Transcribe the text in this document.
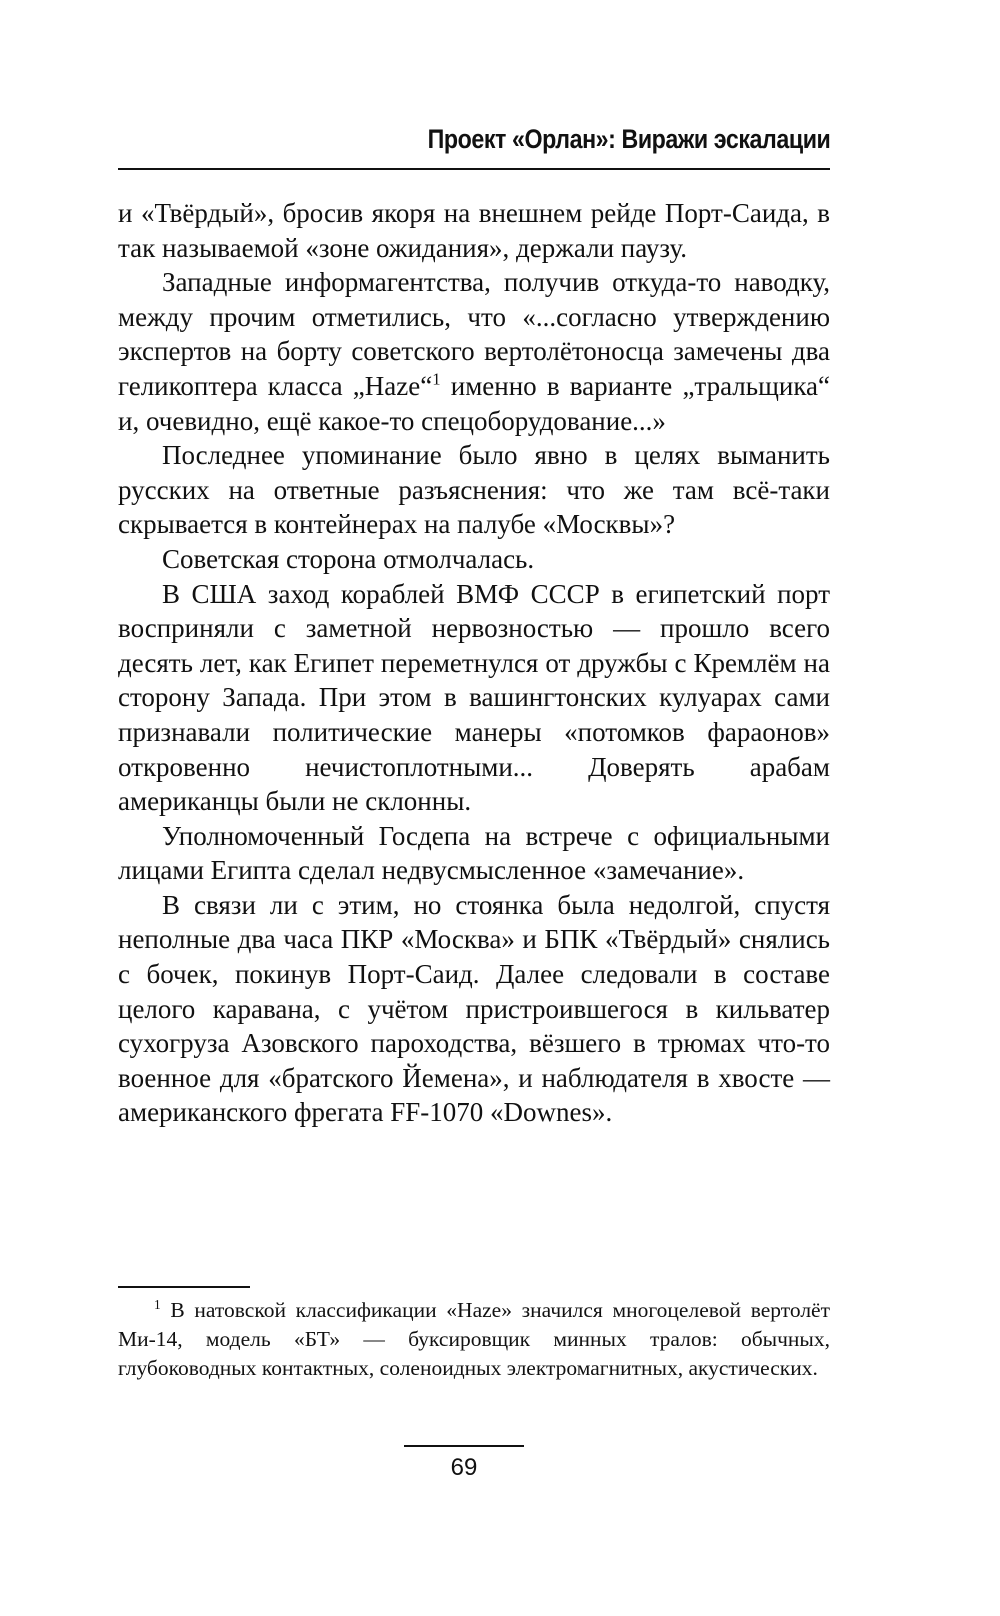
Проект «Орлан»: Виражи эскалации

и «Твёрдый», бросив якоря на внешнем рейде Порт-Саида, в так называемой «зоне ожидания», держали паузу.

Западные информагентства, получив откуда-то наводку, между прочим отметились, что «...согласно утверждению экспертов на борту советского вертолётоносца замечены два геликоптера класса „Haze“$^1$ именно в варианте „тральщика“ и, очевидно, ещё какое-то спецоборудование...»

Последнее упоминание было явно в целях выманить русских на ответные разъяснения: что же там всё-таки скрывается в контейнерах на палубе «Москвы»?

Советская сторона отмолчалась.

В США заход кораблей ВМФ СССР в египетский порт восприняли с заметной нервозностью — прошло всего десять лет, как Египет переметнулся от дружбы с Кремлём на сторону Запада. При этом в вашингтонских кулуарах сами признавали политические манеры «потомков фараонов» откровенно нечистоплотными... Доверять арабам американцы были не склонны.

Уполномоченный Госдепа на встрече с официальными лицами Египта сделал недвусмысленное «замечание».

В связи ли с этим, но стоянка была недолгой, спустя неполные два часа ПКР «Москва» и БПК «Твёрдый» снялись с бочек, покинув Порт-Саид. Далее следовали в составе целого каравана, с учётом пристроившегося в кильватер сухогруза Азовского пароходства, вёзшего в трюмах что-то военное для «братского Йемена», и наблюдателя в хвосте — американского фрегата FF-1070 «Downes».

$^1$ В натовской классификации «Haze» значился многоцелевой вертолёт Ми-14, модель «БТ» — буксировщик минных тралов: обычных, глубоководных контактных, соленоидных электромагнитных, акустических.

69
